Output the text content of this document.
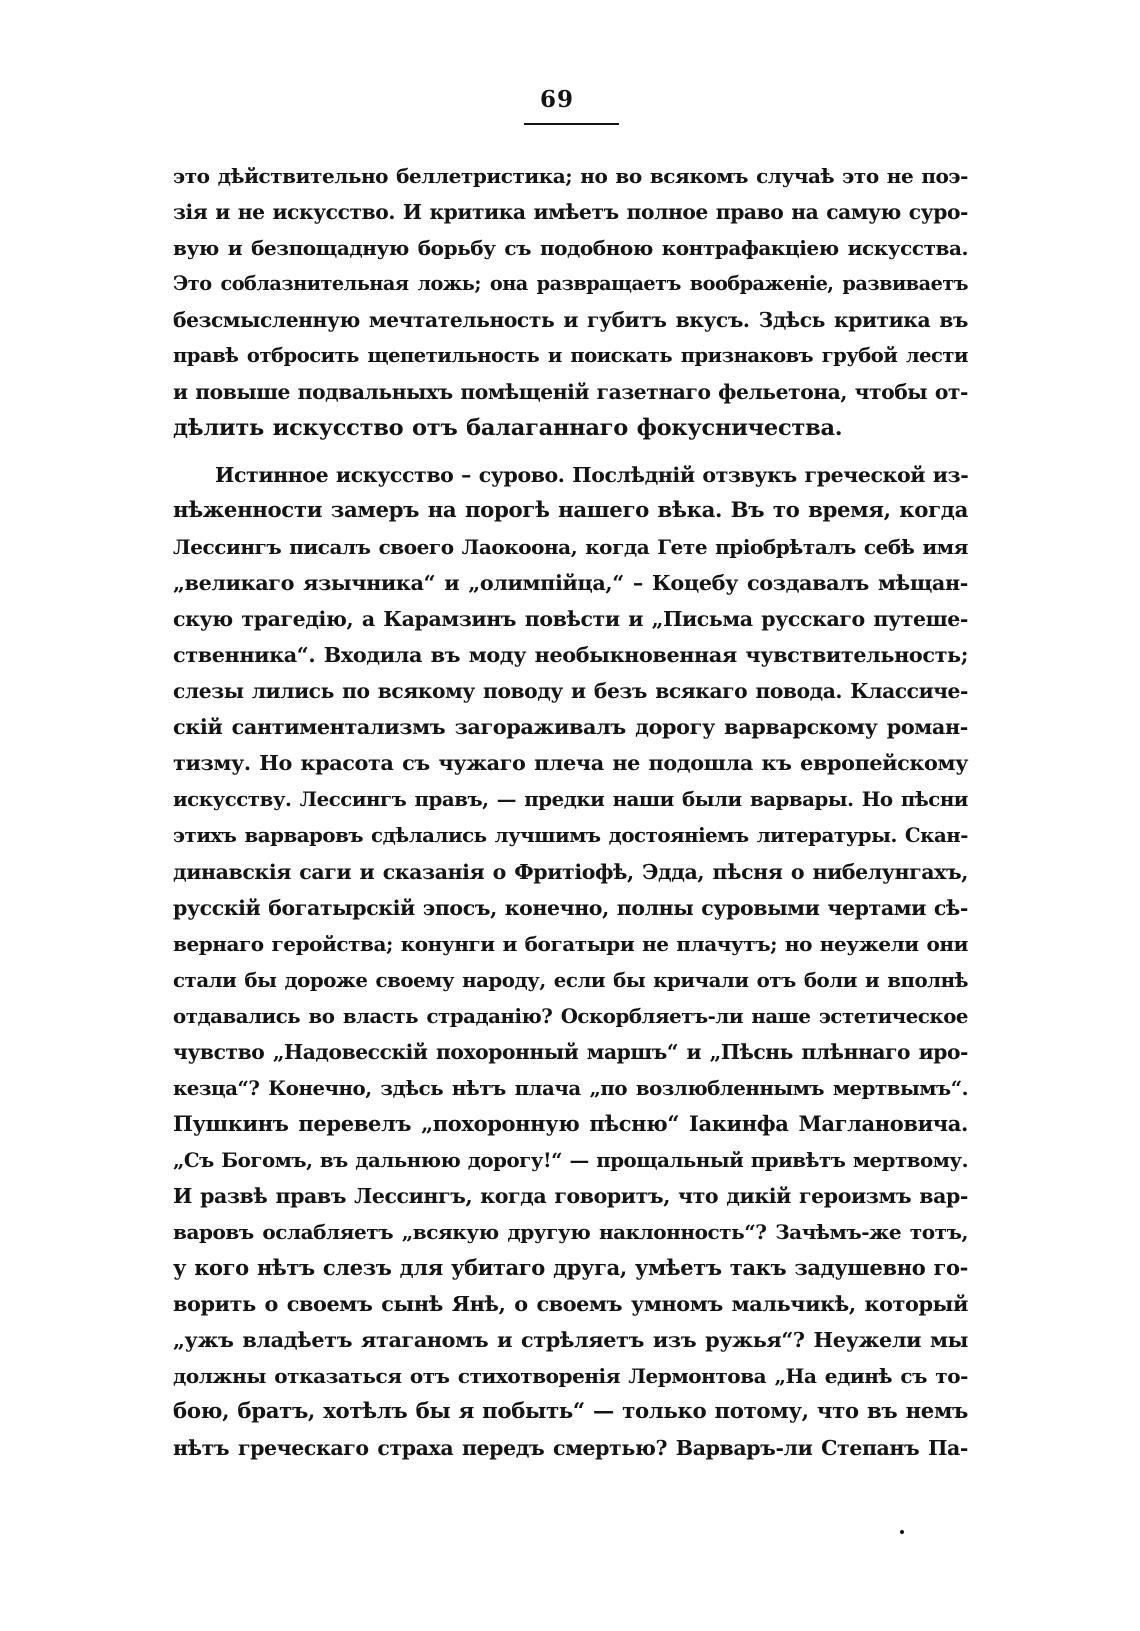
69
это дѣйствительно беллетристика; но во всякомъ случаѣ это не поэ-
зія и не искусство. И критика имѣетъ полное право на самую суро-
вую и безпощадную борьбу съ подобною контрафакціею искусства.
Это соблазнительная ложь; она развращаетъ воображеніе, развиваетъ
безсмысленную мечтательность и губитъ вкусъ. Здѣсь критика въ
правѣ отбросить щепетильность и поискать признаковъ грубой лести
и повыше подвальныхъ помѣщеній газетнаго фельетона, чтобы от-
дѣлить искусство отъ балаганнаго фокусничества.
Истинное искусство – сурово. Послѣдній отзвукъ греческой из-
нѣженности замеръ на порогѣ нашего вѣка. Въ то время, когда
Лессингъ писалъ своего Лаокоона, когда Гете пріобрѣталъ себѣ имя
„великаго язычника“ и „олимпійца,“ – Коцебу создавалъ мѣщан-
скую трагедію, а Карамзинъ повѣсти и „Письма русскаго путеше-
ственника“. Входила въ моду необыкновенная чувствительность;
слезы лились по всякому поводу и безъ всякаго повода. Классиче-
скій сантиментализмъ загораживалъ дорогу варварскому роман-
тизму. Но красота съ чужаго плеча не подошла къ европейскому
искусству. Лессингъ правъ, — предки наши были варвары. Но пѣсни
этихъ варваровъ сдѣлались лучшимъ достояніемъ литературы. Скан-
динавскія саги и сказанія о Фритіофѣ, Эдда, пѣсня о нибелунгахъ,
русскій богатырскій эпосъ, конечно, полны суровыми чертами сѣ-
вернаго геройства; конунги и богатыри не плачутъ; но неужели они
стали бы дороже своему народу, если бы кричали отъ боли и вполнѣ
отдавались во власть страданію? Оскорбляетъ-ли наше эстетическое
чувство „Надовесскій похоронный маршъ“ и „Пѣснь плѣннаго иро-
кезца“? Конечно, здѣсь нѣтъ плача „по возлюбленнымъ мертвымъ“.
Пушкинъ перевелъ „похоронную пѣсню“ Іакинфа Маглановича.
„Съ Богомъ, въ дальнюю дорогу!“ — прощальный привѣтъ мертвому.
И развѣ правъ Лессингъ, когда говоритъ, что дикій героизмъ вар-
варовъ ослабляетъ „всякую другую наклонность“? Зачѣмъ-же тотъ,
у кого нѣтъ слезъ для убитаго друга, умѣетъ такъ задушевно го-
ворить о своемъ сынѣ Янѣ, о своемъ умномъ мальчикѣ, который
„ужъ владѣетъ ятаганомъ и стрѣляетъ изъ ружья“? Неужели мы
должны отказаться отъ стихотворенія Лермонтова „На единѣ съ то-
бою, братъ, хотѣлъ бы я побыть“ — только потому, что въ немъ
нѣтъ греческаго страха передъ смертью? Варваръ-ли Степанъ Па-
